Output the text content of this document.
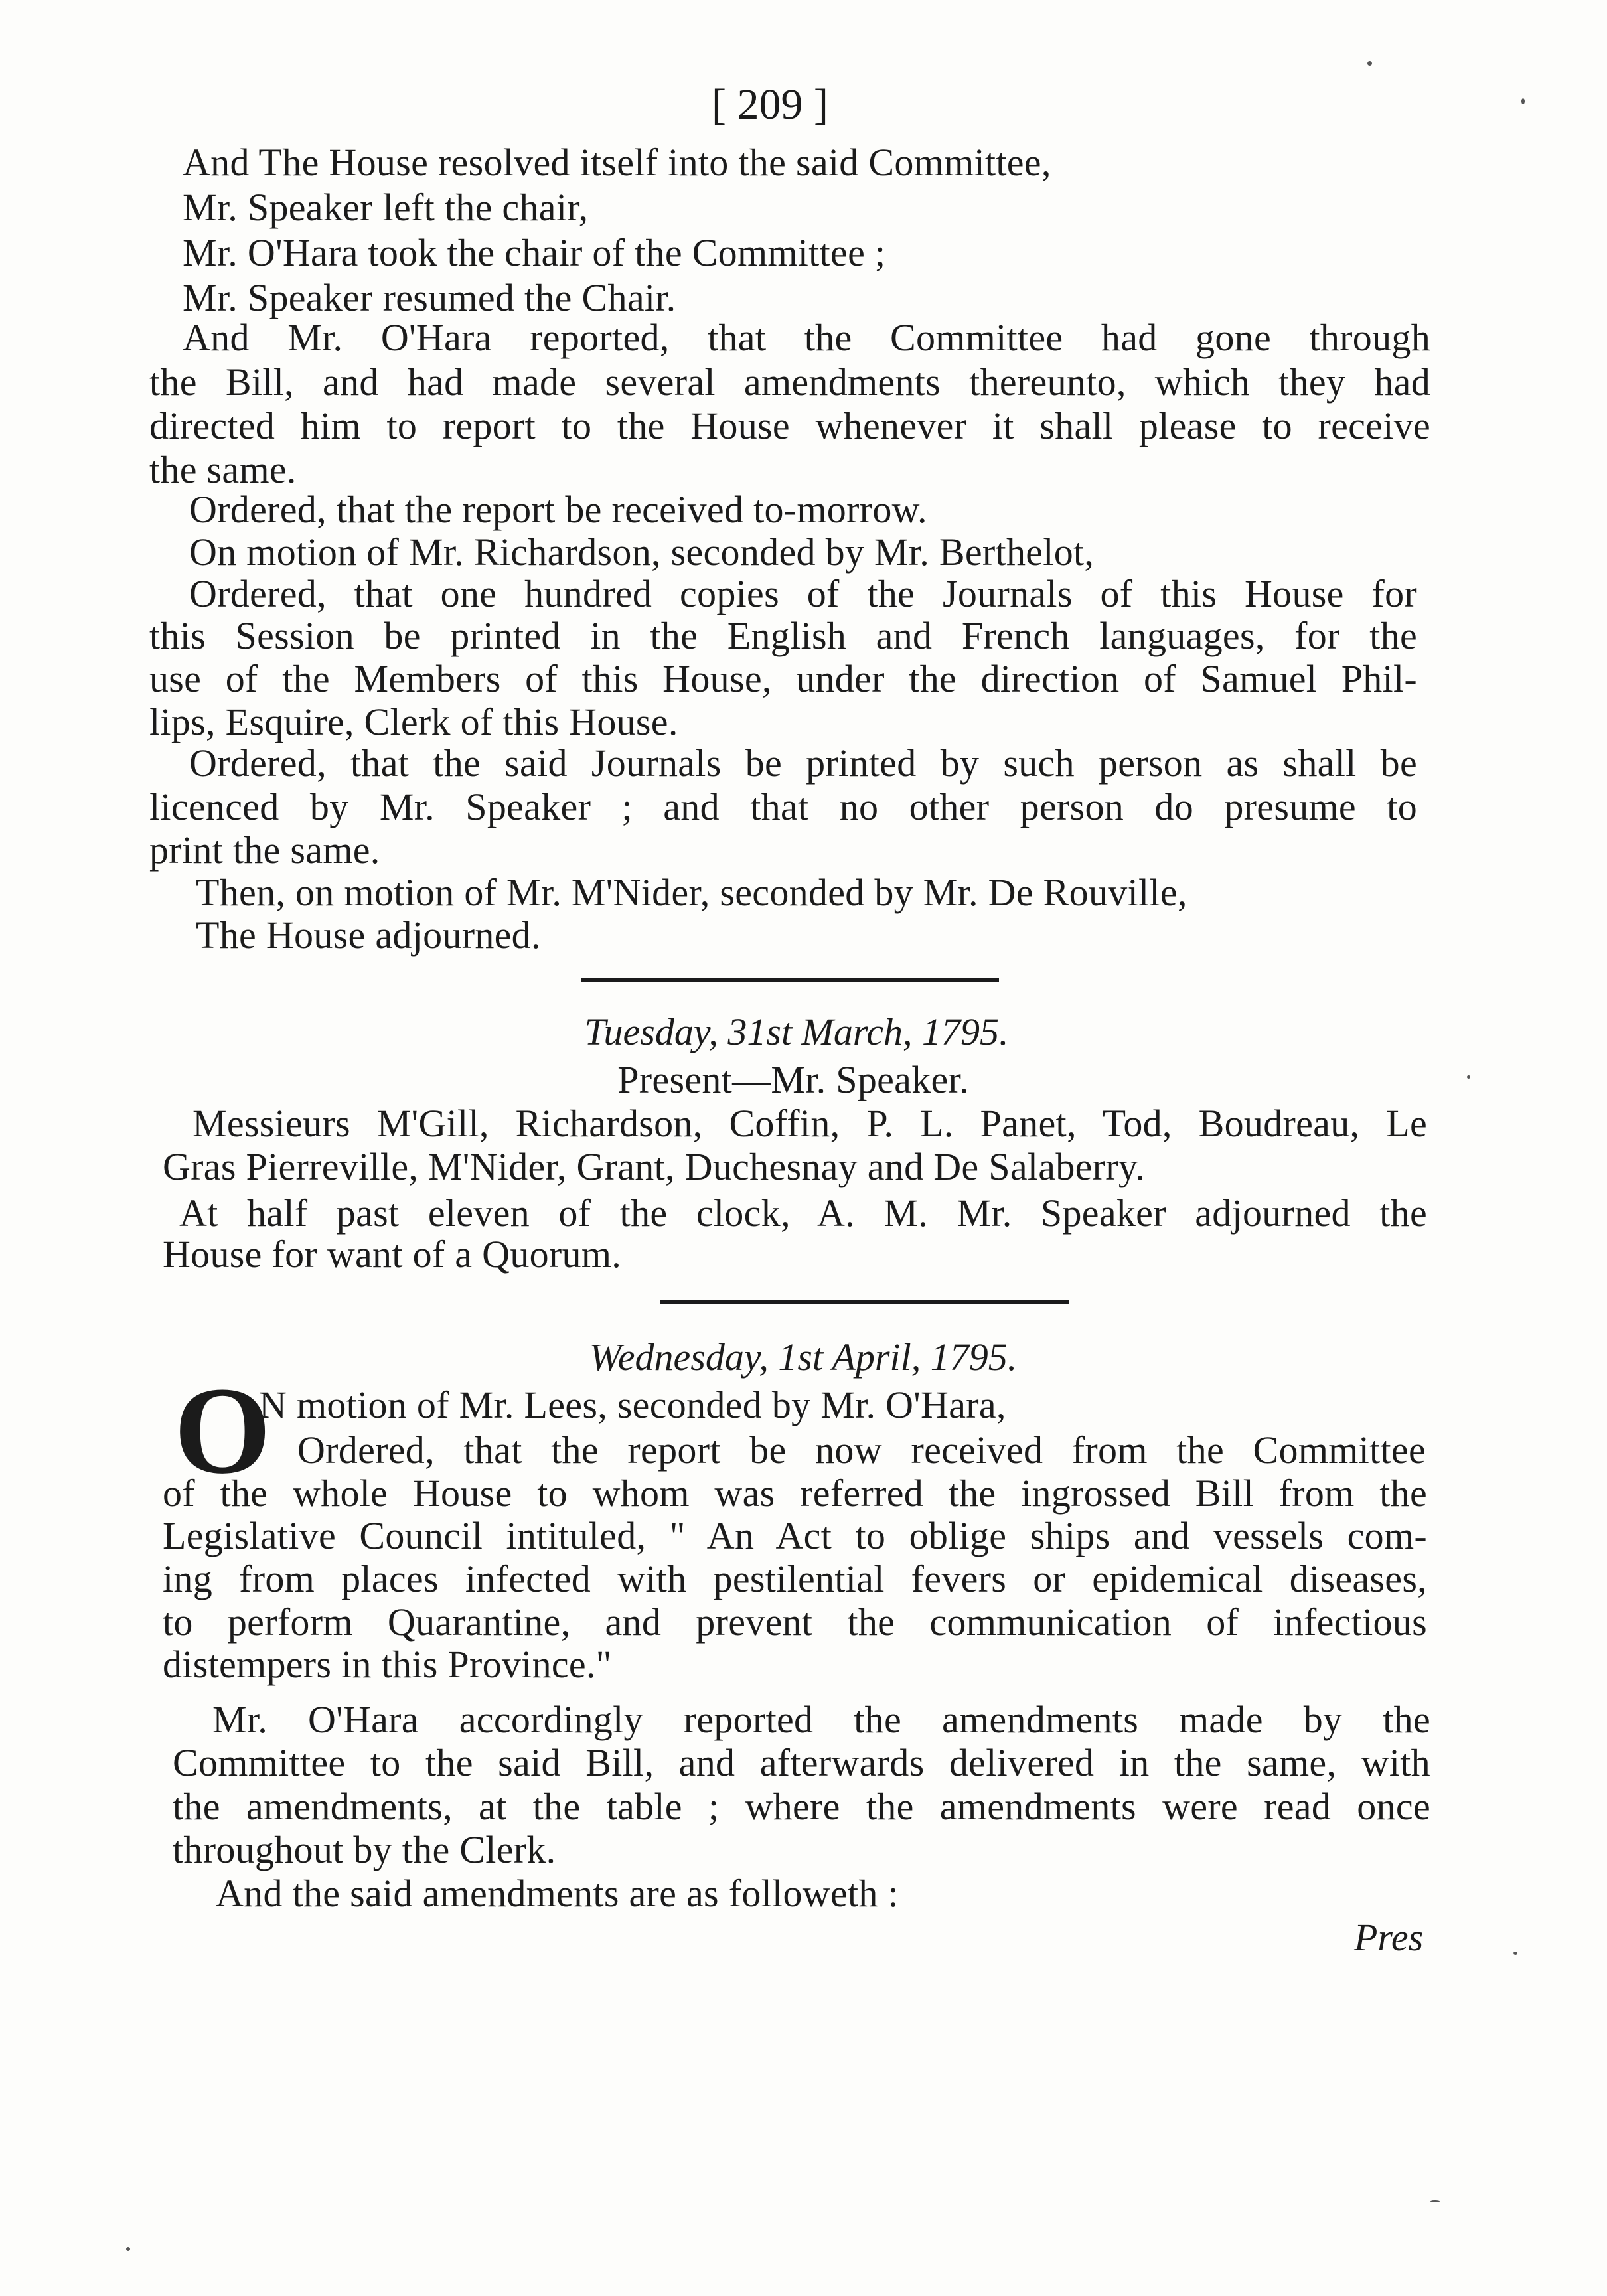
[ 209 ]
And The House resolved itself into the said Committee,
Mr. Speaker left the chair,
Mr. O'Hara took the chair of the Committee ;
Mr. Speaker resumed the Chair.
And Mr. O'Hara reported, that the Committee had gone through
the Bill, and had made several amendments thereunto, which they had
directed him to report to the House whenever it shall please to receive
the same.
Ordered, that the report be received to-morrow.
On motion of Mr. Richardson, seconded by Mr. Berthelot,
Ordered, that one hundred copies of the Journals of this House for
this Session be printed in the English and French languages, for the
use of the Members of this House, under the direction of Samuel Phil-
lips, Esquire, Clerk of this House.
Ordered, that the said Journals be printed by such person as shall be
licenced by Mr. Speaker ; and that no other person do presume to
print the same.
Then, on motion of Mr. M'Nider, seconded by Mr. De Rouville,
The House adjourned.
Tuesday, 31st March, 1795.
Present—Mr. Speaker.
Messieurs M'Gill, Richardson, Coffin, P. L. Panet, Tod, Boudreau, Le
Gras Pierreville, M'Nider, Grant, Duchesnay and De Salaberry.
At half past eleven of the clock, A. M. Mr. Speaker adjourned the
House for want of a Quorum.
Wednesday, 1st April, 1795.
O
N motion of Mr. Lees, seconded by Mr. O'Hara,
Ordered, that the report be now received from the Committee
of the whole House to whom was referred the ingrossed Bill from the
Legislative Council intituled, " An Act to oblige ships and vessels com-
ing from places infected with pestilential fevers or epidemical diseases,
to perform Quarantine, and prevent the communication of infectious
distempers in this Province."
Mr. O'Hara accordingly reported the amendments made by the
Committee to the said Bill, and afterwards delivered in the same, with
the amendments, at the table ; where the amendments were read once
throughout by the Clerk.
And the said amendments are as followeth :
Pres
